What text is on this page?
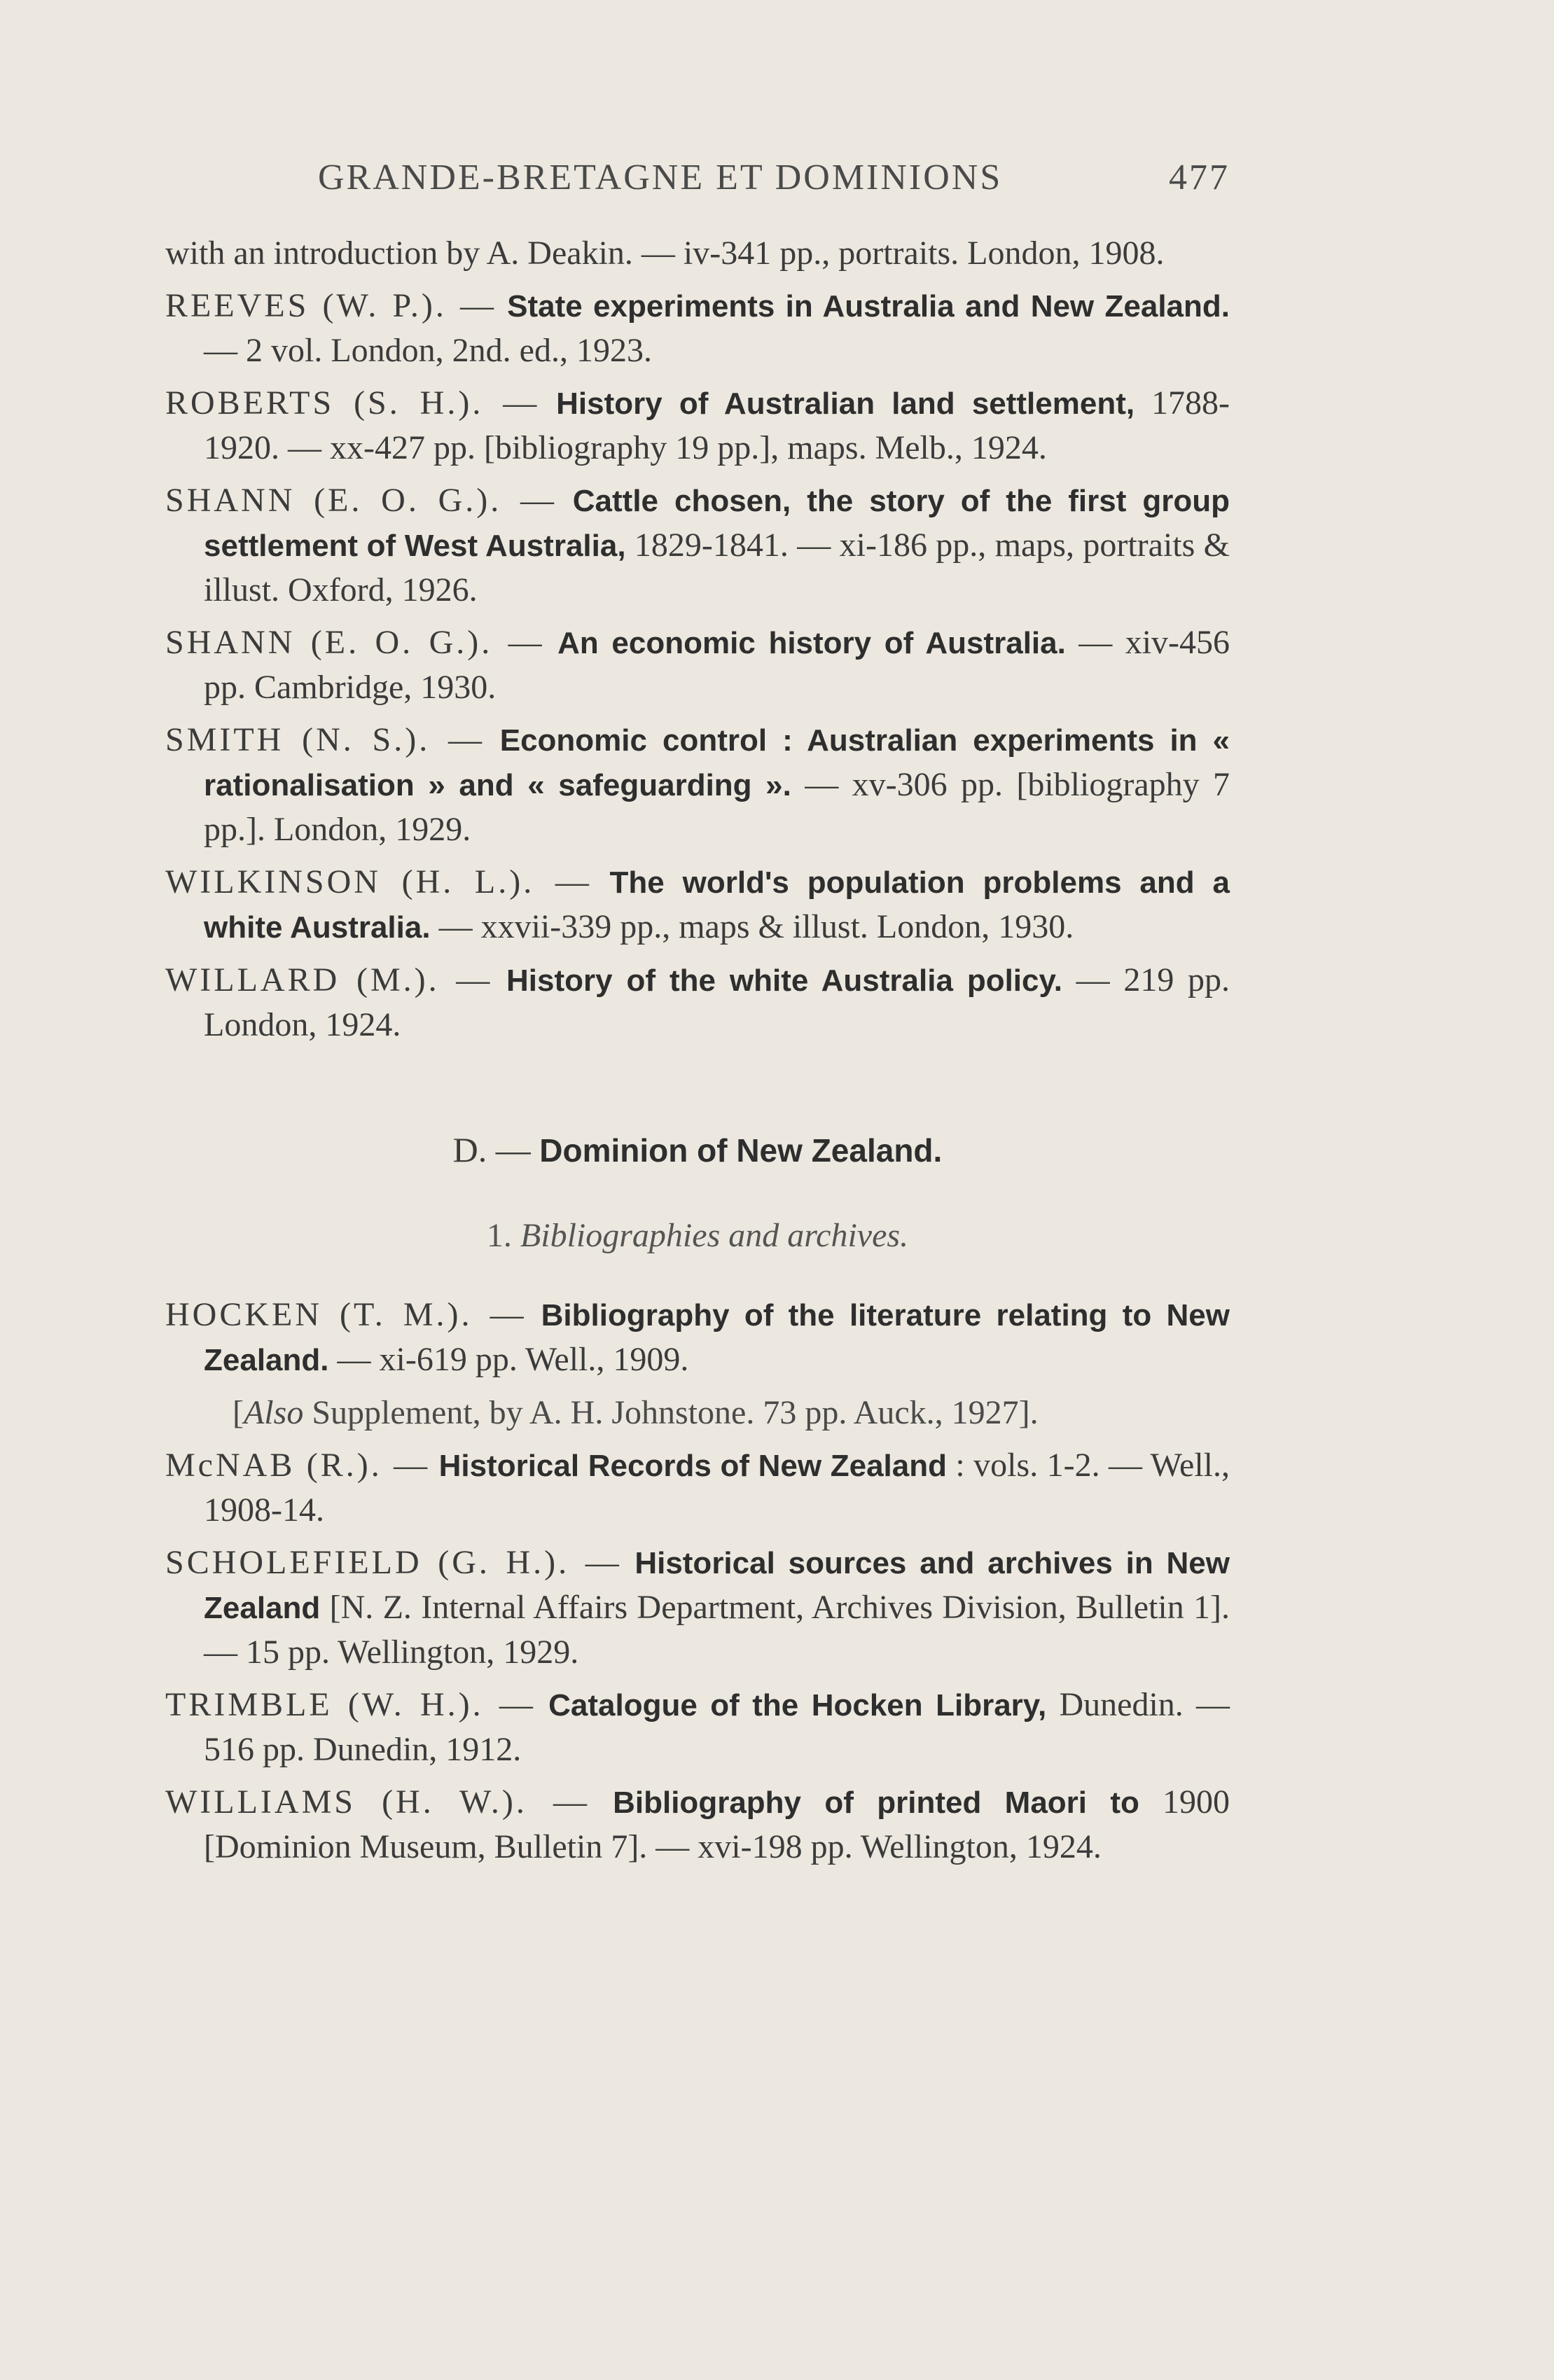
GRANDE-BRETAGNE ET DOMINIONS	477

with an introduction by A. Deakin. — iv-341 pp., portraits. London, 1908.

REEVES (W. P.). — State experiments in Australia and New Zealand. — 2 vol. London, 2nd. ed., 1923.

ROBERTS (S. H.). — History of Australian land settlement, 1788-1920. — xx-427 pp. [bibliography 19 pp.], maps. Melb., 1924.

SHANN (E. O. G.). — Cattle chosen, the story of the first group settlement of West Australia, 1829-1841. — xi-186 pp., maps, portraits & illust. Oxford, 1926.

SHANN (E. O. G.). — An economic history of Australia. — xiv-456 pp. Cambridge, 1930.

SMITH (N. S.). — Economic control : Australian experiments in « rationalisation » and « safeguarding ». — xv-306 pp. [bibliography 7 pp.]. London, 1929.

WILKINSON (H. L.). — The world's population problems and a white Australia. — xxvii-339 pp., maps & illust. London, 1930.

WILLARD (M.). — History of the white Australia policy. — 219 pp. London, 1924.

D. — Dominion of New Zealand.
1. Bibliographies and archives.

HOCKEN (T. M.). — Bibliography of the literature relating to New Zealand. — xi-619 pp. Well., 1909.

[Also Supplement, by A. H. Johnstone. 73 pp. Auck., 1927].

McNAB (R.). — Historical Records of New Zealand : vols. 1-2. — Well., 1908-14.

SCHOLEFIELD (G. H.). — Historical sources and archives in New Zealand [N. Z. Internal Affairs Department, Archives Division, Bulletin 1]. — 15 pp. Wellington, 1929.

TRIMBLE (W. H.). — Catalogue of the Hocken Library, Dunedin. — 516 pp. Dunedin, 1912.

WILLIAMS (H. W.). — Bibliography of printed Maori to 1900 [Dominion Museum, Bulletin 7]. — xvi-198 pp. Wellington, 1924.
